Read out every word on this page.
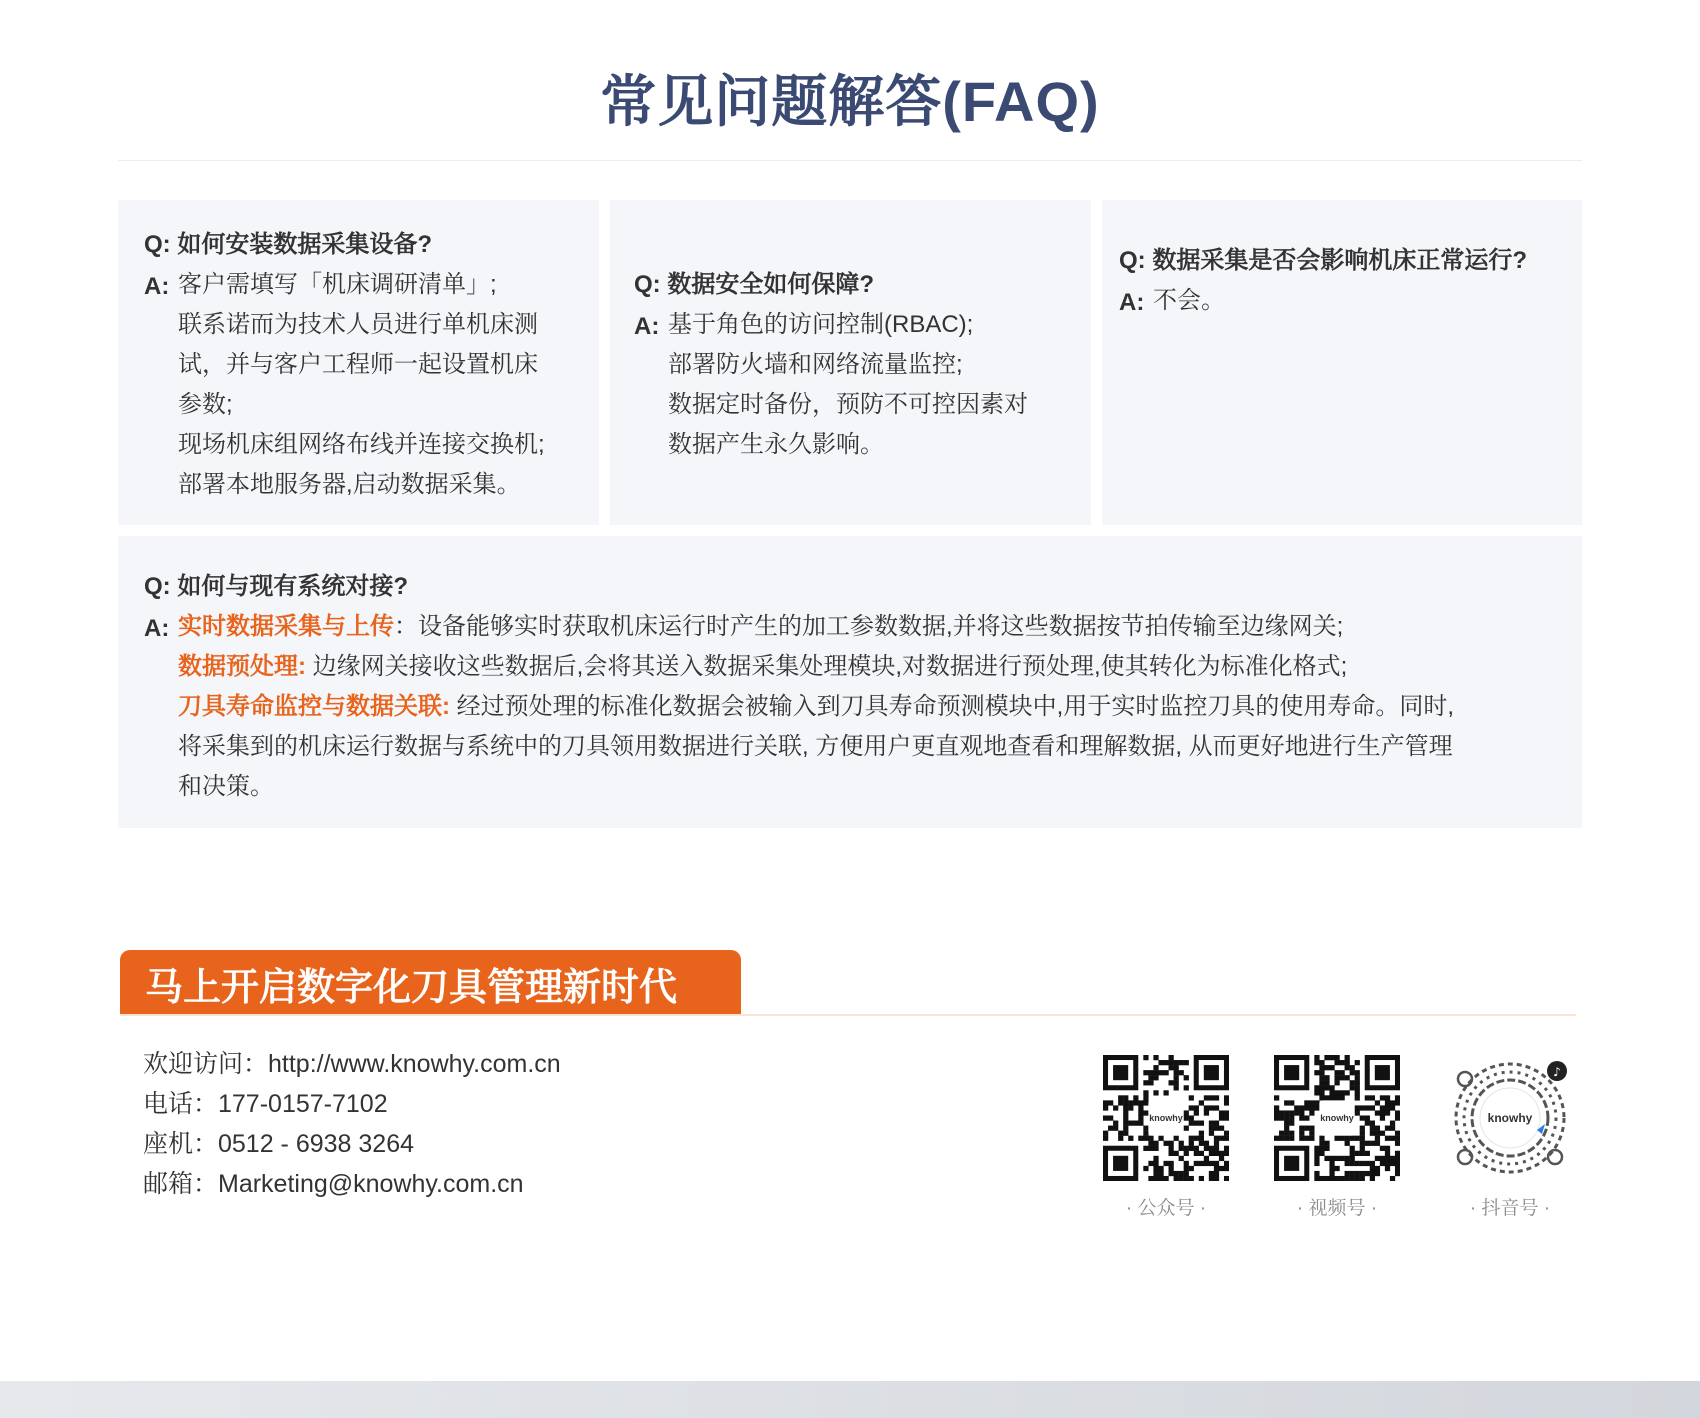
常见问题解答(FAQ)
Q: 如何安装数据采集设备?
A: 客户需填写「机床调研清单」;
联系诺而为技术人员进行单机床测
试，并与客户工程师一起设置机床
参数;
现场机床组网络布线并连接交换机;
部署本地服务器,启动数据采集。
Q: 数据安全如何保障?
A: 基于角色的访问控制(RBAC);
部署防火墙和网络流量监控;
数据定时备份，预防不可控因素对
数据产生永久影响。
Q: 数据采集是否会影响机床正常运行?
A: 不会。
Q: 如何与现有系统对接?
A: 实时数据采集与上传：设备能够实时获取机床运行时产生的加工参数数据,并将这些数据按节拍传输至边缘网关;
数据预处理: 边缘网关接收这些数据后,会将其送入数据采集处理模块,对数据进行预处理,使其转化为标准化格式;
刀具寿命监控与数据关联: 经过预处理的标准化数据会被输入到刀具寿命预测模块中,用于实时监控刀具的使用寿命。同时,
将采集到的机床运行数据与系统中的刀具领用数据进行关联, 方便用户更直观地查看和理解数据, 从而更好地进行生产管理
和决策。
马上开启数字化刀具管理新时代
欢迎访问：http://www.knowhy.com.cn
电话：177-0157-7102
座机：0512 - 6938 3264
邮箱：Marketing@knowhy.com.cn
knowhy
· 公众号 ·
knowhy
· 视频号 ·
♪
knowhy
· 抖音号 ·
